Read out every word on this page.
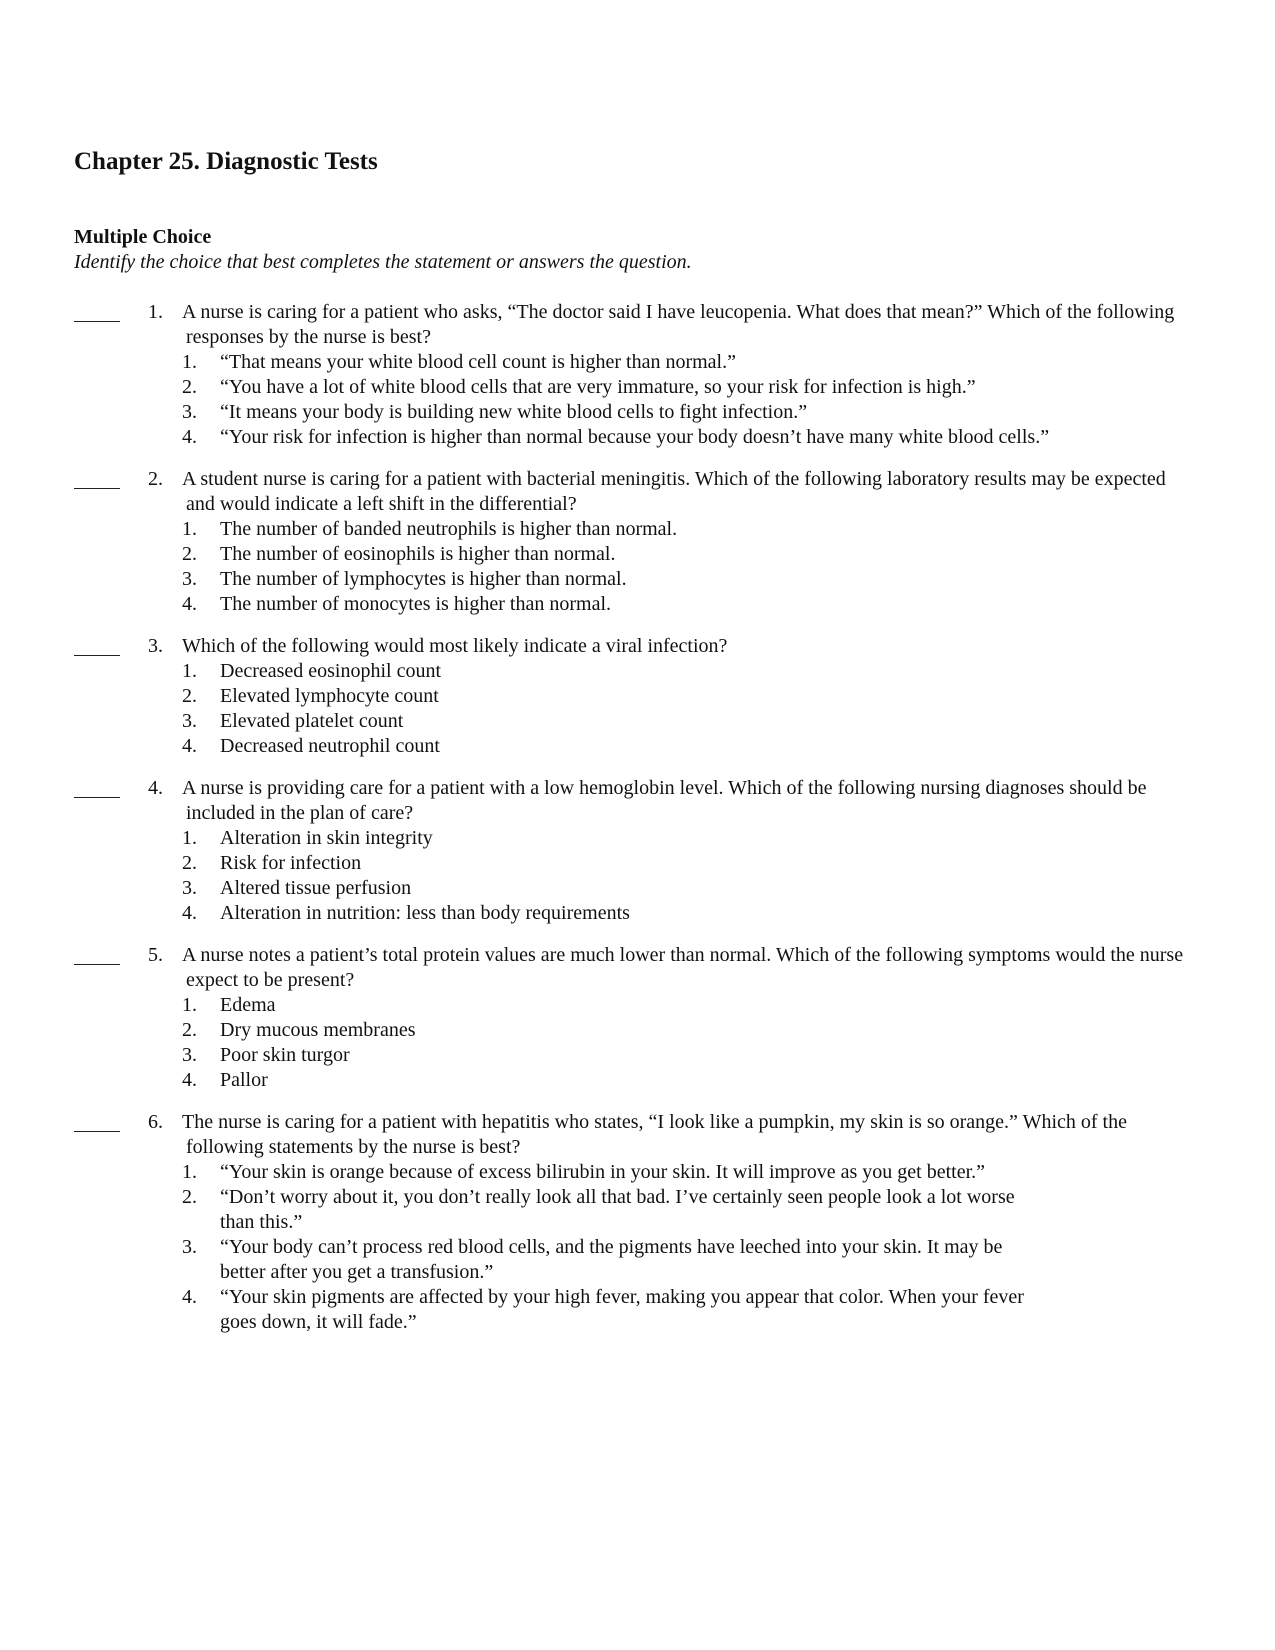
Chapter 25. Diagnostic Tests
Multiple Choice

Identify the choice that best completes the statement or answers the question.

1. A nurse is caring for a patient who asks, “The doctor said I have leucopenia. What does that mean?” Which of the following responses by the nurse is best?
1. “That means your white blood cell count is higher than normal.”
2. “You have a lot of white blood cells that are very immature, so your risk for infection is high.”
3. “It means your body is building new white blood cells to fight infection.”
4. “Your risk for infection is higher than normal because your body doesn’t have many white blood cells.”
2. A student nurse is caring for a patient with bacterial meningitis. Which of the following laboratory results may be expected and would indicate a left shift in the differential?
1. The number of banded neutrophils is higher than normal.
2. The number of eosinophils is higher than normal.
3. The number of lymphocytes is higher than normal.
4. The number of monocytes is higher than normal.
3. Which of the following would most likely indicate a viral infection?
1. Decreased eosinophil count
2. Elevated lymphocyte count
3. Elevated platelet count
4. Decreased neutrophil count
4. A nurse is providing care for a patient with a low hemoglobin level. Which of the following nursing diagnoses should be included in the plan of care?
1. Alteration in skin integrity
2. Risk for infection
3. Altered tissue perfusion
4. Alteration in nutrition: less than body requirements
5. A nurse notes a patient’s total protein values are much lower than normal. Which of the following symptoms would the nurse expect to be present?
1. Edema
2. Dry mucous membranes
3. Poor skin turgor
4. Pallor
6. The nurse is caring for a patient with hepatitis who states, “I look like a pumpkin, my skin is so orange.” Which of the following statements by the nurse is best?
1. “Your skin is orange because of excess bilirubin in your skin. It will improve as you get better.”
2. “Don’t worry about it, you don’t really look all that bad. I’ve certainly seen people look a lot worse than this.”
3. “Your body can’t process red blood cells, and the pigments have leeched into your skin. It may be better after you get a transfusion.”
4. “Your skin pigments are affected by your high fever, making you appear that color. When your fever goes down, it will fade.”
